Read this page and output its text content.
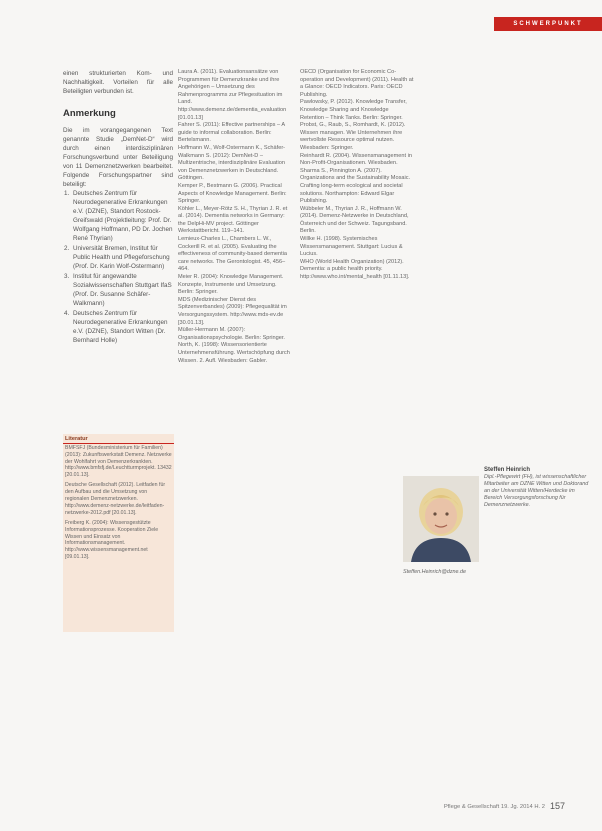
SCHWERPUNKT

einen strukturierten Kom- und Nachhaltigkeit. Vorteilen für alle Beteiligten verbunden ist.

Anmerkung

Die im vorangegangenen Text genannte Studie „DemNet-D“ wird durch einen interdisziplinären Forschungsverbund unter Beteiligung von 11 Demenznetzwerken bearbeitet. Folgende Forschungspartner sind beteiligt:

1. Deutsches Zentrum für Neurodegenerative Erkrankungen e.V. (DZNE), Standort Rostock-Greifswald (Projektleitung: Prof. Dr. Wolfgang Hoffmann, PD Dr. Jochen René Thyrian)
2. Universität Bremen, Institut für Public Health und Pflegeforschung (Prof. Dr. Karin Wolf-Ostermann)
3. Institut für angewandte Sozialwissenschaften Stuttgart IfaS (Prof. Dr. Susanne Schäfer-Walkmann)
4. Deutsches Zentrum für Neurodegenerative Erkrankungen e.V. (DZNE), Standort Witten (Dr. Bernhard Holle)
Literatur
BMFSFJ (Bundesministerium für Familien) (2013): Zukunftswerkstatt Demenz. Netzwerke der Wohlfahrt von Demenzerkrankten. http://www.bmfsfj.de/Leuchtturmprojekt. 13432 [20.01.13].
Deutsche Gesellschaft (2012). Leitfaden für den Aufbau und die Umsetzung von regionalen Demenznetzwerken. http://www.demenz-netzwerke.de/leitfaden-netzwerke-2012.pdf [20.01.13].
Freiberg K. (2004): Wissensgestützte Informationsprozesse. Kooperation Ziele Wissen und Einsatz von Informationsmanagement. http://www.wissensmanagement.net [09.01.13].

Laura A. (2011). Evaluationsansätze von Programmen für Demenzkranke und ihre Angehörigen – Umsetzung des Rahmenprogramms zur Pflegesituation im Land. http://www.demenz.de/dementia_evaluation [01.01.13]

Fahrer S. (2011): Effective partnerships – A guide to informal collaboration. Berlin: Bertelsmann.

Hoffmann W., Wolf-Ostermann K., Schäfer-Walkmann S. (2012): DemNet-D – Multizentrische, interdisziplinäre Evaluation von Demenznetzwerken in Deutschland. Göttingen.

Kemper P., Bestmann G. (2006). Practical Aspects of Knowledge Management. Berlin: Springer.

Köhler L., Meyer-Rötz S. H., Thyrian J. R. et al. (2014). Dementia networks in Germany: the DelpHi-MV project. Göttinger Werkstattbericht. 119–141.

Lemieux-Charles L., Chambers L. W., Cockerill R. et al. (2005). Evaluating the effectiveness of community-based dementia care networks. The Gerontologist. 45, 456–464.

Meier R. (2004): Knowledge Management. Konzepte, Instrumente und Umsetzung. Berlin: Springer.

MDS (Medizinischer Dienst des Spitzenverbandes) (2009): Pflegequalität im Versorgungssystem. http://www.mds-ev.de [30.01.13].

Müller-Hermann M. (2007): Organisationspsychologie. Berlin: Springer.

North, K. (1998): Wissensorientierte Unternehmensführung. Wertschöpfung durch Wissen. 2. Aufl. Wiesbaden: Gabler.

OECD (Organisation for Economic Co-operation and Development) (2011). Health at a Glance: OECD Indicators. Paris: OECD Publishing.

Pawlowsky, P. (2012). Knowledge Transfer, Knowledge Sharing and Knowledge Retention – Think Tanks. Berlin: Springer.

Probst, G., Raub, S., Romhardt, K. (2012). Wissen managen. Wie Unternehmen ihre wertvollste Ressource optimal nutzen. Wiesbaden: Springer.

Reinhardt R. (2004). Wissensmanagement in Non-Profit-Organisationen. Wiesbaden.

Sharma S., Pinnington A. (2007). Organizations and the Sustainability Mosaic. Crafting long-term ecological and societal solutions. Northampton: Edward Elgar Publishing.

Wübbeler M., Thyrian J. R., Hoffmann W. (2014). Demenz-Netzwerke in Deutschland, Österreich und der Schweiz. Tagungsband. Berlin.

Willke H. (1998). Systemisches Wissensmanagement. Stuttgart: Lucius & Lucius.

WHO (World Health Organization) (2012). Dementia: a public health priority. http://www.who.int/mental_health [01.11.13].

Steffen Heinrich
Dipl.-Pflegewirt (FH), ist wissenschaftlicher Mitarbeiter am DZNE Witten und Doktorand an der Universität Witten/Herdecke im Bereich Versorgungsforschung für Demenznetzwerke.
Steffen.Heinrich@dzne.de
Pflege & Gesellschaft 19. Jg. 2014 H. 2 157
